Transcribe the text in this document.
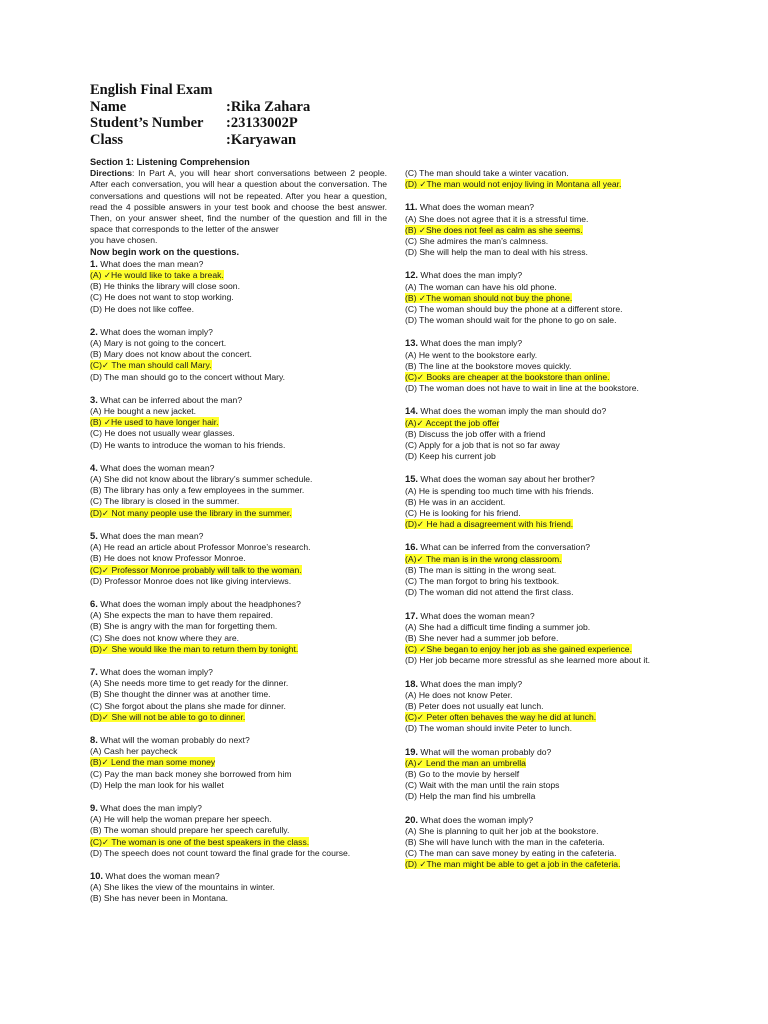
English Final Exam
Name	:Rika Zahara
Student’s Number	:23133002P
Class	:Karyawan
Section 1: Listening Comprehension
Directions: In Part A, you will hear short conversations between 2 people. After each conversation, you will hear a question about the conversation. The conversations and questions will not be repeated. After you hear a question, read the 4 possible answers in your test book and choose the best answer. Then, on your answer sheet, find the number of the question and fill in the space that corresponds to the letter of the answer
you have chosen.
Now begin work on the questions.
1. What does the man mean?
(A) ✓He would like to take a break.
(B) He thinks the library will close soon.
(C) He does not want to stop working.
(D) He does not like coffee.
2. What does the woman imply?
(A) Mary is not going to the concert.
(B) Mary does not know about the concert.
(C)✓ The man should call Mary.
(D) The man should go to the concert without Mary.
3. What can be inferred about the man?
(A) He bought a new jacket.
(B) ✓He used to have longer hair.
(C) He does not usually wear glasses.
(D) He wants to introduce the woman to his friends.
4. What does the woman mean?
(A) She did not know about the library’s summer schedule.
(B) The library has only a few employees in the summer.
(C) The library is closed in the summer.
(D)✓ Not many people use the library in the summer.
5. What does the man mean?
(A) He read an article about Professor Monroe’s research.
(B) He does not know Professor Monroe.
(C)✓ Professor Monroe probably will talk to the woman.
(D) Professor Monroe does not like giving interviews.
6. What does the woman imply about the headphones?
(A) She expects the man to have them repaired.
(B) She is angry with the man for forgetting them.
(C) She does not know where they are.
(D)✓ She would like the man to return them by tonight.
7. What does the woman imply?
(A) She needs more time to get ready for the dinner.
(B) She thought the dinner was at another time.
(C) She forgot about the plans she made for dinner.
(D)✓ She will not be able to go to dinner.
8. What will the woman probably do next?
(A) Cash her paycheck
(B)✓ Lend the man some money
(C) Pay the man back money she borrowed from him
(D) Help the man look for his wallet
9. What does the man imply?
(A) He will help the woman prepare her speech.
(B) The woman should prepare her speech carefully.
(C)✓ The woman is one of the best speakers in the class.
(D) The speech does not count toward the final grade for the course.
10. What does the woman mean?
(A) She likes the view of the mountains in winter.
(B) She has never been in Montana.
(C) The man should take a winter vacation.
(D) ✓The man would not enjoy living in Montana all year.
11. What does the woman mean?
(A) She does not agree that it is a stressful time.
(B) ✓She does not feel as calm as she seems.
(C) She admires the man’s calmness.
(D) She will help the man to deal with his stress.
12. What does the man imply?
(A) The woman can have his old phone.
(B) ✓The woman should not buy the phone.
(C) The woman should buy the phone at a different store.
(D) The woman should wait for the phone to go on sale.
13. What does the man imply?
(A) He went to the bookstore early.
(B) The line at the bookstore moves quickly.
(C)✓ Books are cheaper at the bookstore than online.
(D) The woman does not have to wait in line at the bookstore.
14. What does the woman imply the man should do?
(A)✓ Accept the job offer
(B) Discuss the job offer with a friend
(C) Apply for a job that is not so far away
(D) Keep his current job
15. What does the woman say about her brother?
(A) He is spending too much time with his friends.
(B) He was in an accident.
(C) He is looking for his friend.
(D)✓ He had a disagreement with his friend.
16. What can be inferred from the conversation?
(A)✓ The man is in the wrong classroom.
(B) The man is sitting in the wrong seat.
(C) The man forgot to bring his textbook.
(D) The woman did not attend the first class.
17. What does the woman mean?
(A) She had a difficult time finding a summer job.
(B) She never had a summer job before.
(C) ✓She began to enjoy her job as she gained experience.
(D) Her job became more stressful as she learned more about it.
18. What does the man imply?
(A) He does not know Peter.
(B) Peter does not usually eat lunch.
(C)✓ Peter often behaves the way he did at lunch.
(D) The woman should invite Peter to lunch.
19. What will the woman probably do?
(A)✓ Lend the man an umbrella
(B) Go to the movie by herself
(C) Wait with the man until the rain stops
(D) Help the man find his umbrella
20. What does the woman imply?
(A) She is planning to quit her job at the bookstore.
(B) She will have lunch with the man in the cafeteria.
(C) The man can save money by eating in the cafeteria.
(D) ✓The man might be able to get a job in the cafeteria.
